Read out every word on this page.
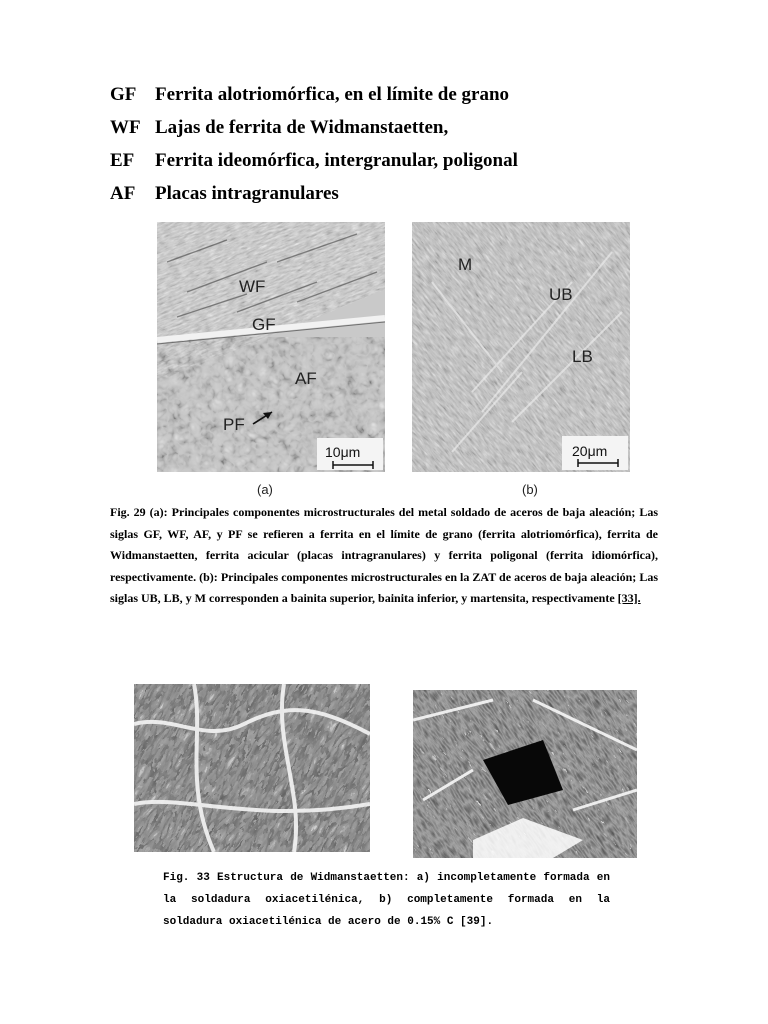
GF Ferrita alotriomórfica, en el límite de grano
WF Lajas de ferrita de Widmanstaetten,
EF	Ferrita ideomórfica, intergranular, poligonal
AF	Placas intragranulares
WF
GF
AF
PF
10μm
(a)
M
UB
LB
20μm
(b)
Fig. 29 (a): Principales componentes microstructurales del metal soldado de aceros de baja aleación; Las siglas GF, WF, AF, y PF se refieren a ferrita en el límite de grano (ferrita alotriomórfica), ferrita de Widmanstaetten, ferrita acicular (placas intragranulares) y ferrita poligonal (ferrita idiomórfica), respectivamente. (b): Principales componentes microstructurales en la ZAT de aceros de baja aleación; Las siglas UB, LB, y M corresponden a bainita superior, bainita inferior, y martensita, respectivamente [33].
Fig. 33 Estructura de Widmanstaetten: a) incompletamente formada en la soldadura oxiacetilénica, b) completamente formada en la soldadura oxiacetilénica de acero de 0.15% C [39].
